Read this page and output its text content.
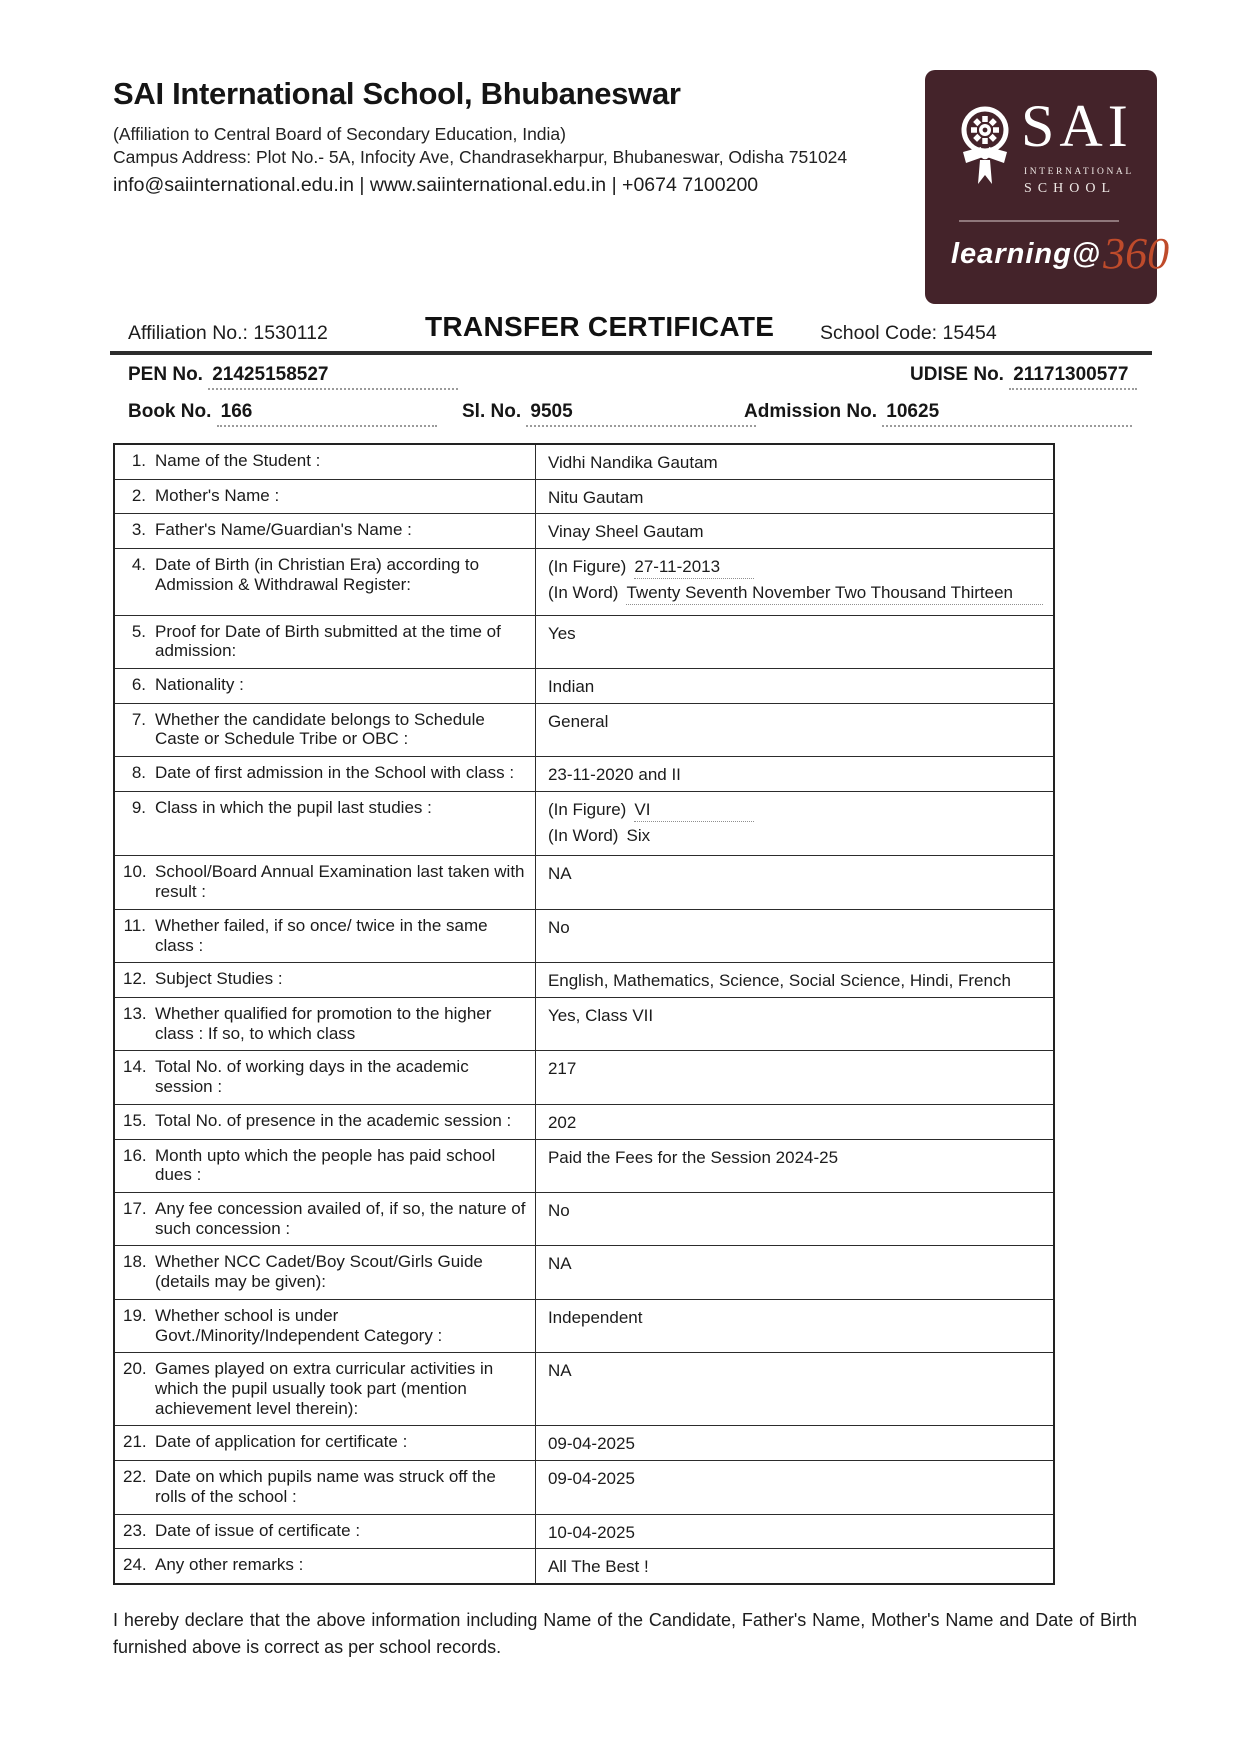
SAI International School, Bhubaneswar

(Affiliation to Central Board of Secondary Education, India)

Campus Address: Plot No.- 5A, Infocity Ave, Chandrasekharpur, Bhubaneswar, Odisha 751024

info@saiinternational.edu.in | www.saiinternational.edu.in | +0674 7100200

SAI
INTERNATIONAL
SCHOOL
learning@360
Affiliation No.: 1530112	TRANSFER CERTIFICATE School Code: 15454
PEN No. 21425158527	UDISE No. 21171300577
Book No. 166	Sl. No. 9505	Admission No. 10625
1. Name of the Student :	Vidhi Nandika Gautam

2. Mother's Name :	Nitu Gautam

3. Father's Name/Guardian's Name :	Vinay Sheel Gautam

4. Date of Birth (in Christian Era) according to Admission & Withdrawal Register:

(In Figure) 27-11-2013
(In Word) Twenty Seventh November Two Thousand Thirteen

5. Proof for Date of Birth submitted at the time of admission:	Yes

6. Nationality :	Indian

7. Whether the candidate belongs to Schedule Caste or Schedule Tribe or OBC :	General

8. Date of first admission in the School with class :	23-11-2020 and II

9. Class in which the pupil last studies :	(In Figure) VI
(In Word) Six

10. School/Board Annual Examination last taken with result :	NA

11. Whether failed, if so once/ twice in the same class :	No

12. Subject Studies :	English, Mathematics, Science, Social Science, Hindi, French

13. Whether qualified for promotion to the higher class : If so, to which class	Yes, Class VII

14. Total No. of working days in the academic session :	217

15. Total No. of presence in the academic session :	202

16. Month upto which the people has paid school dues :	Paid the Fees for the Session 2024-25

17. Any fee concession availed of, if so, the nature of such concession :	No

18. Whether NCC Cadet/Boy Scout/Girls Guide (details may be given):	NA

19. Whether school is under Govt./Minority/Independent Category :	Independent

20. Games played on extra curricular activities in which the pupil usually took part (mention achievement level therein):	NA

21. Date of application for certificate :	09-04-2025

22. Date on which pupils name was struck off the rolls of the school :	09-04-2025

23. Date of issue of certificate :	10-04-2025

24. Any other remarks :	All The Best !

I hereby declare that the above information including Name of the Candidate, Father's Name, Mother's Name and Date of Birth furnished above is correct as per school records.
